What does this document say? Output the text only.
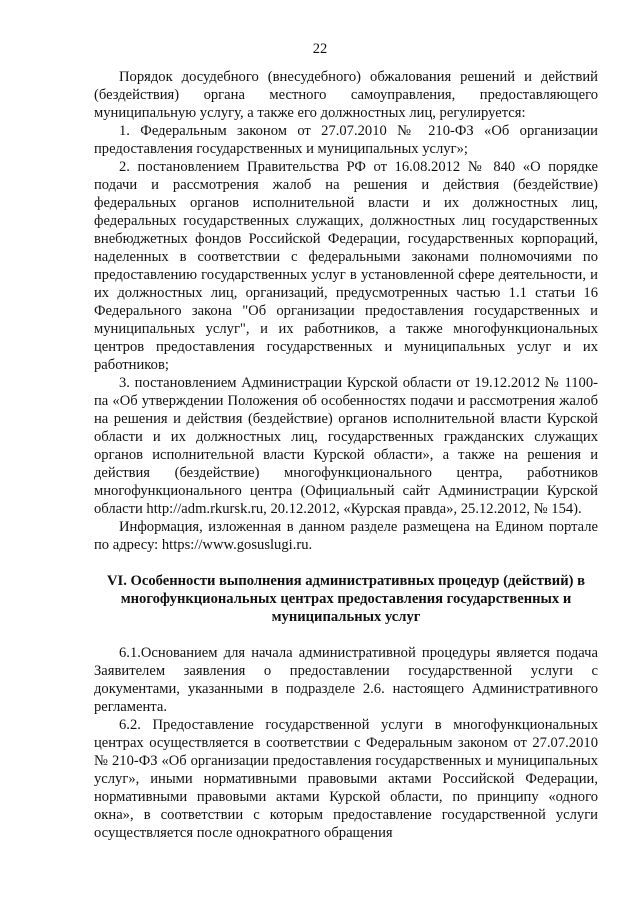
22

Порядок досудебного (внесудебного) обжалования решений и действий (бездействия) органа местного самоуправления, предоставляющего муниципальную услугу, а также его должностных лиц, регулируется:

1. Федеральным законом от 27.07.2010 № 210-ФЗ «Об организации предоставления государственных и муниципальных услуг»;

2. постановлением Правительства РФ от 16.08.2012 № 840 «О порядке подачи и рассмотрения жалоб на решения и действия (бездействие) федеральных органов исполнительной власти и их должностных лиц, федеральных государственных служащих, должностных лиц государственных внебюджетных фондов Российской Федерации, государственных корпораций, наделенных в соответствии с федеральными законами полномочиями по предоставлению государственных услуг в установленной сфере деятельности, и их должностных лиц, организаций, предусмотренных частью 1.1 статьи 16 Федерального закона "Об организации предоставления государственных и муниципальных услуг", и их работников, а также многофункциональных центров предоставления государственных и муниципальных услуг и их работников;

3. постановлением Администрации Курской области от 19.12.2012 № 1100-па «Об утверждении Положения об особенностях подачи и рассмотрения жалоб на решения и действия (бездействие) органов исполнительной власти Курской области и их должностных лиц, государственных гражданских служащих органов исполнительной власти Курской области», а также на решения и действия (бездействие) многофункционального центра, работников многофункционального центра (Официальный сайт Администрации Курской области http://adm.rkursk.ru, 20.12.2012, «Курская правда», 25.12.2012, № 154).

Информация, изложенная в данном разделе размещена на Едином портале по адресу: https://www.gosuslugi.ru.

VI. Особенности выполнения административных процедур (действий) в многофункциональных центрах предоставления государственных и муниципальных услуг

6.1.Основанием для начала административной процедуры является подача Заявителем заявления о предоставлении государственной услуги с документами, указанными в подразделе 2.6. настоящего Административного регламента.

6.2. Предоставление государственной услуги в многофункциональных центрах осуществляется в соответствии с Федеральным законом от 27.07.2010 № 210-ФЗ «Об организации предоставления государственных и муниципальных услуг», иными нормативными правовыми актами Российской Федерации, нормативными правовыми актами Курской области, по принципу «одного окна», в соответствии с которым предоставление государственной услуги осуществляется после однократного обращения
